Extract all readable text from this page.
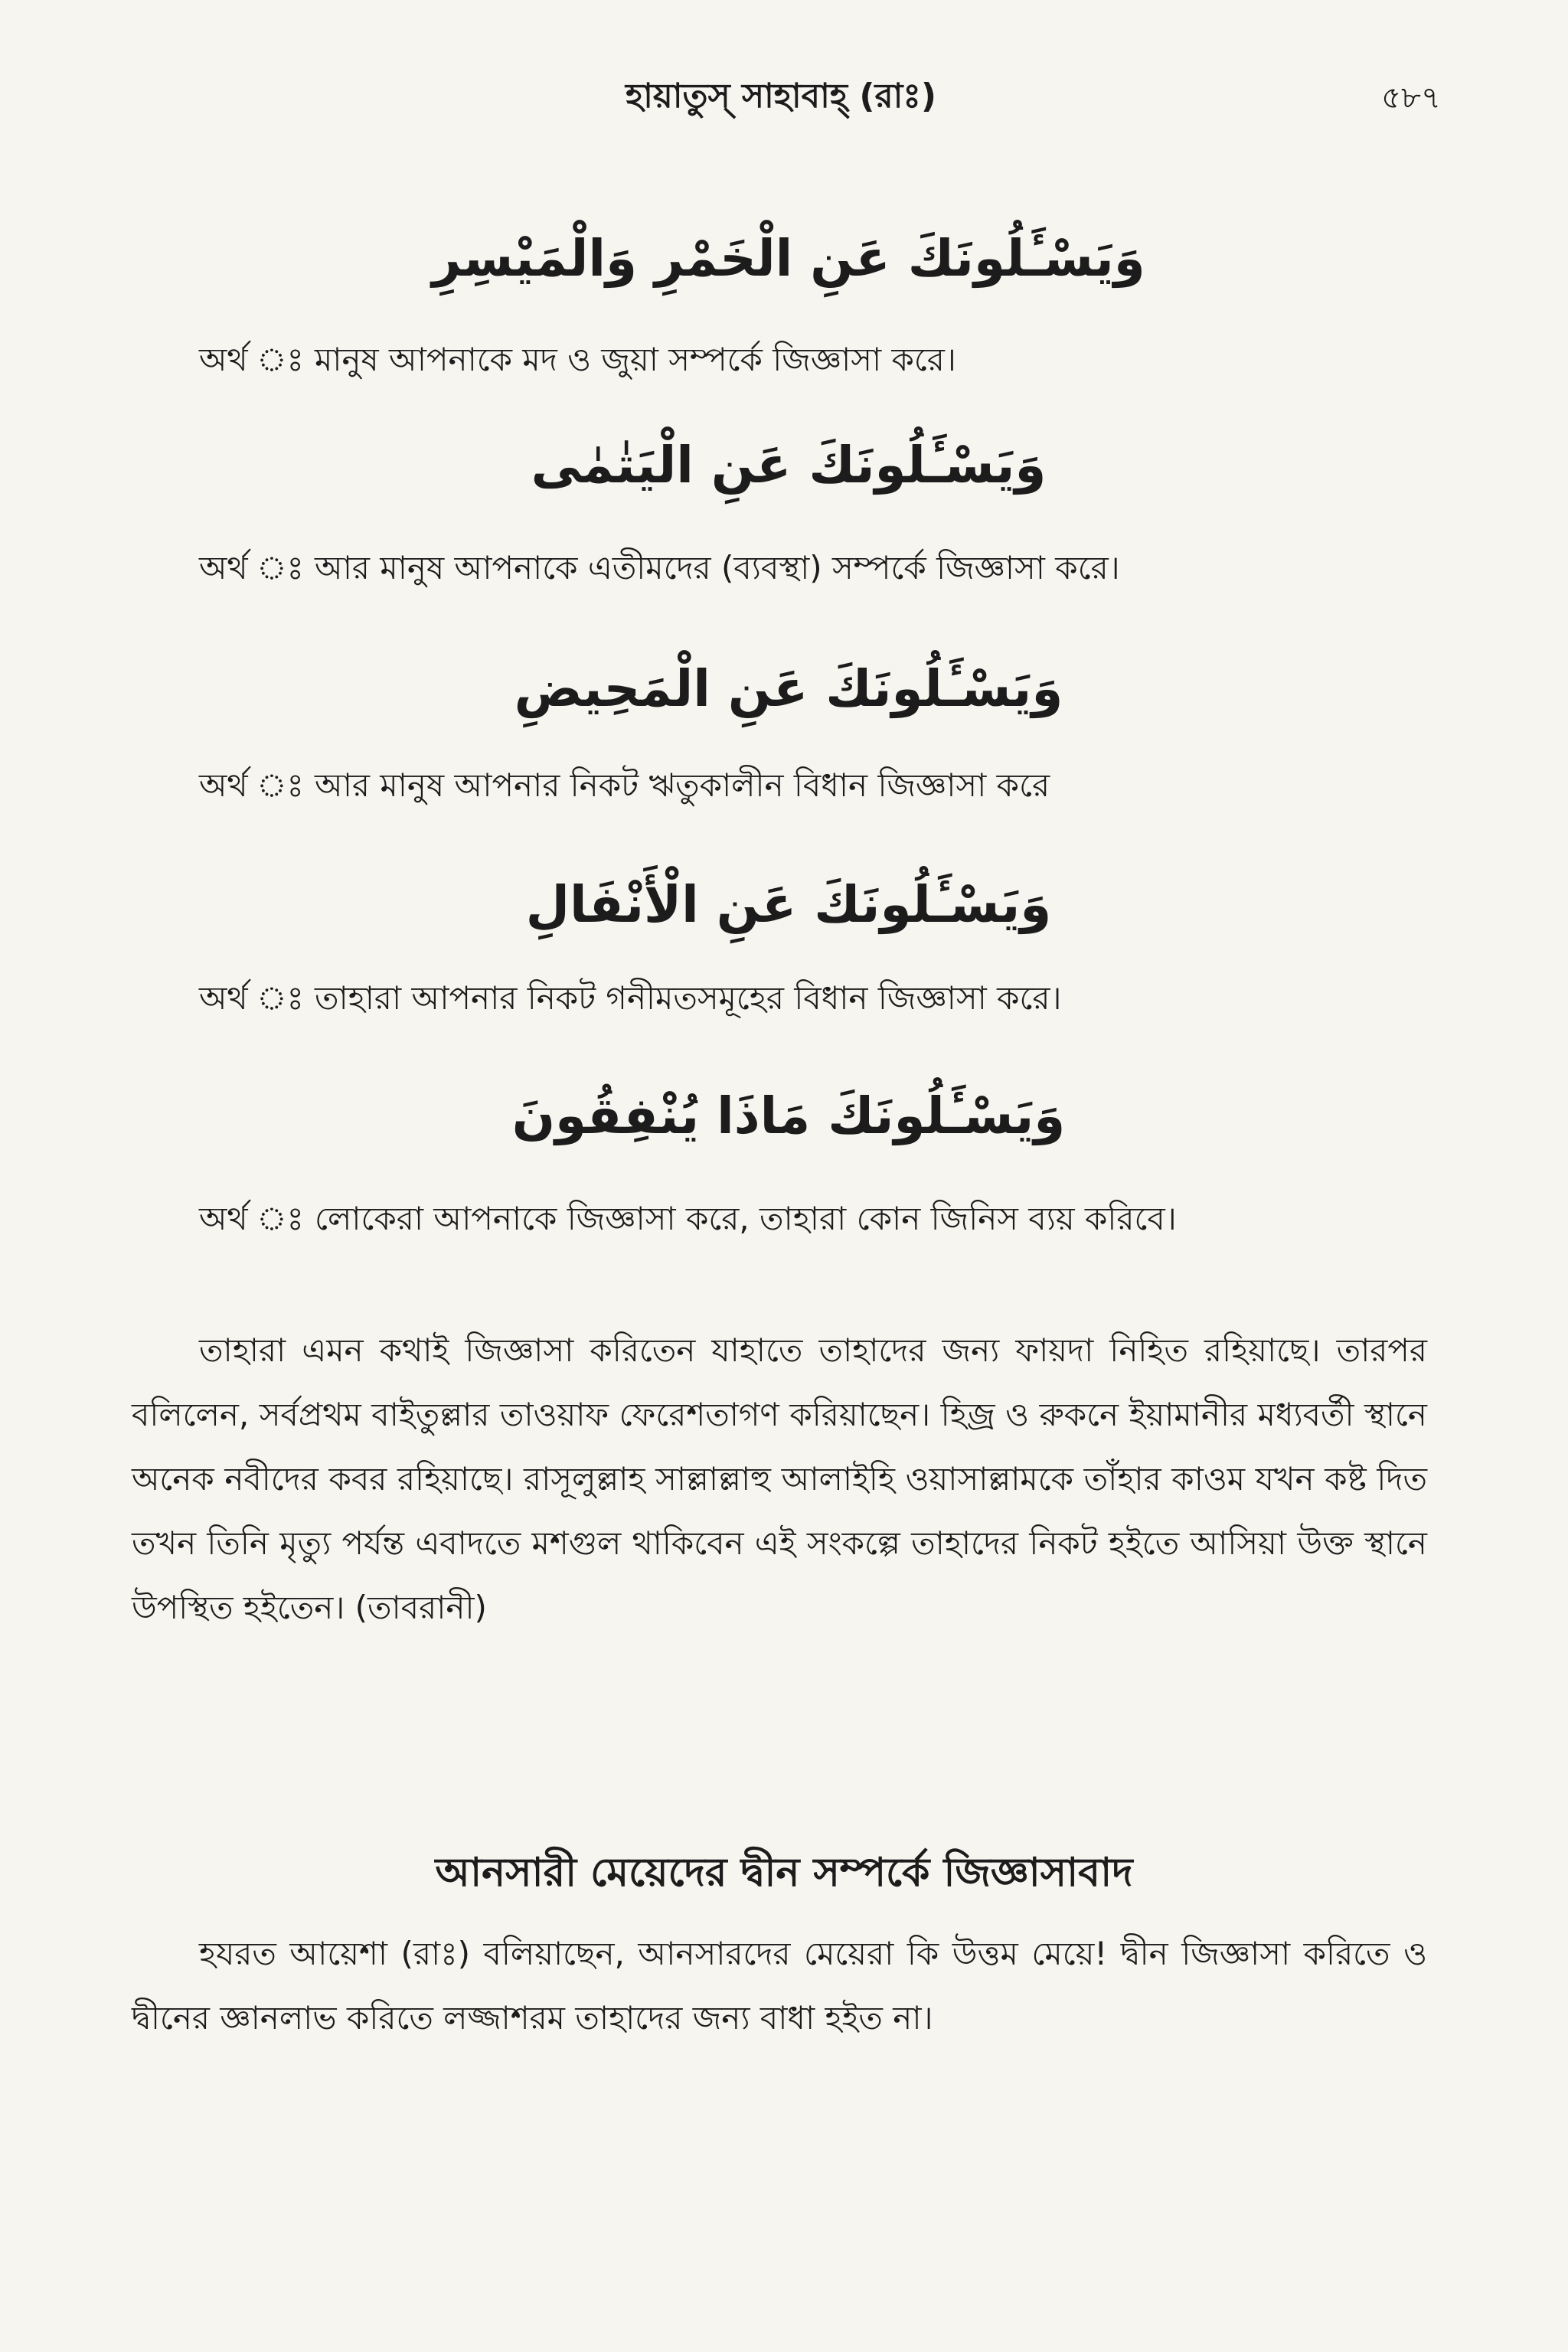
হায়াতুস্ সাহাবাহ্ (রাঃ)	৫৮৭
وَيَسْـَٔلُونَكَ عَنِ الْخَمْرِ وَالْمَيْسِرِ
অর্থ ঃ মানুষ আপনাকে মদ ও জুয়া সম্পর্কে জিজ্ঞাসা করে।
وَيَسْـَٔلُونَكَ عَنِ الْيَتٰمٰى
অর্থ ঃ আর মানুষ আপনাকে এতীমদের (ব্যবস্থা) সম্পর্কে জিজ্ঞাসা করে।
وَيَسْـَٔلُونَكَ عَنِ الْمَحِيضِ
অর্থ ঃ আর মানুষ আপনার নিকট ঋতুকালীন বিধান জিজ্ঞাসা করে
وَيَسْـَٔلُونَكَ عَنِ الْأَنْفَالِ
অর্থ ঃ তাহারা আপনার নিকট গনীমতসমূহের বিধান জিজ্ঞাসা করে।
وَيَسْـَٔلُونَكَ مَاذَا يُنْفِقُونَ
অর্থ ঃ লোকেরা আপনাকে জিজ্ঞাসা করে, তাহারা কোন জিনিস ব্যয় করিবে।

তাহারা এমন কথাই জিজ্ঞাসা করিতেন যাহাতে তাহাদের জন্য ফায়দা নিহিত রহিয়াছে। তারপর বলিলেন, সর্বপ্রথম বাইতুল্লার তাওয়াফ ফেরেশতাগণ করিয়াছেন। হিজ্র ও রুকনে ইয়ামানীর মধ্যবর্তী স্থানে অনেক নবীদের কবর রহিয়াছে। রাসূলুল্লাহ সাল্লাল্লাহু আলাইহি ওয়াসাল্লামকে তাঁহার কাওম যখন কষ্ট দিত তখন তিনি মৃত্যু পর্যন্ত এবাদতে মশগুল থাকিবেন এই সংকল্পে তাহাদের নিকট হইতে আসিয়া উক্ত স্থানে উপস্থিত হইতেন। (তাবরানী)

আনসারী মেয়েদের দ্বীন সম্পর্কে জিজ্ঞাসাবাদ

হযরত আয়েশা (রাঃ) বলিয়াছেন, আনসারদের মেয়েরা কি উত্তম মেয়ে! দ্বীন জিজ্ঞাসা করিতে ও দ্বীনের জ্ঞানলাভ করিতে লজ্জাশরম তাহাদের জন্য বাধা হইত না।
